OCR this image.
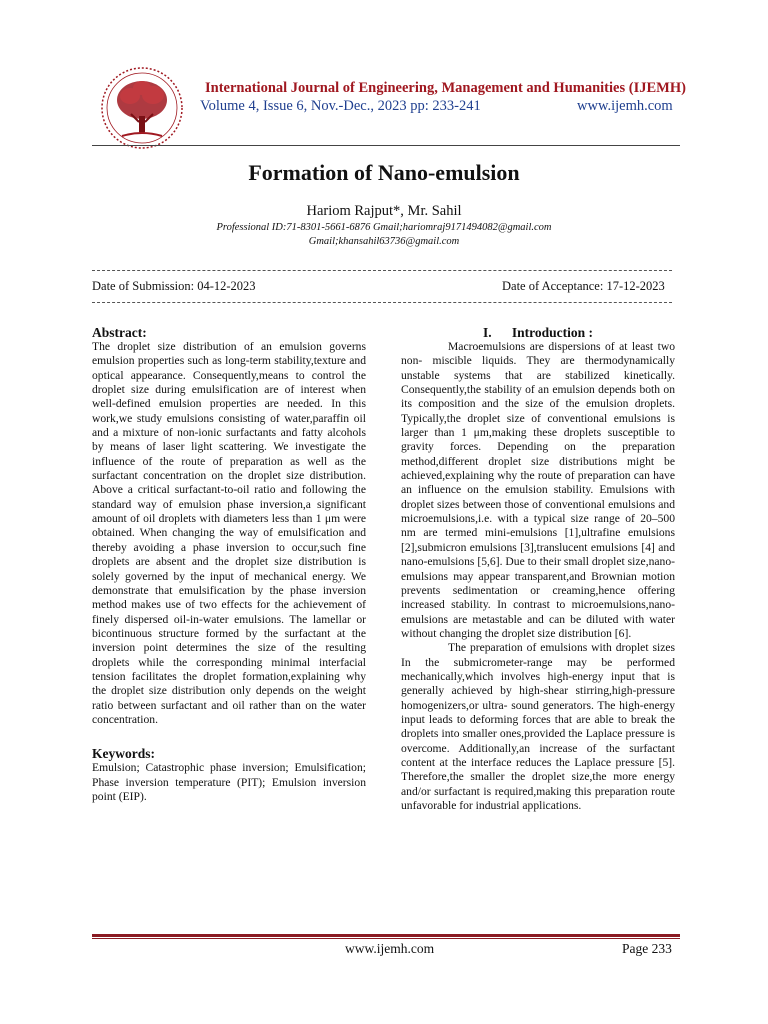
International Journal of Engineering, Management and Humanities (IJEMH)
Volume 4, Issue 6, Nov.-Dec., 2023 pp: 233-241	www.ijemh.com
Formation of Nano-emulsion
Hariom Rajput*, Mr. Sahil
Professional ID:71-8301-5661-6876 Gmail;hariomraj9171494082@gmail.com
Gmail;khansahil63736@gmail.com
Date of Submission: 04-12-2023	Date of Acceptance: 17-12-2023
Abstract:

The droplet size distribution of an emulsion governs emulsion properties such as long-term stability,texture and optical appearance. Consequently,means to control the droplet size during emulsification are of interest when well-defined emulsion properties are needed. In this work,we study emulsions consisting of water,paraffin oil and a mixture of non-ionic surfactants and fatty alcohols by means of laser light scattering. We investigate the influence of the route of preparation as well as the surfactant concentration on the droplet size distribution. Above a critical surfactant-to-oil ratio and following the standard way of emulsion phase inversion,a significant amount of oil droplets with diameters less than 1 μm were obtained. When changing the way of emulsification and thereby avoiding a phase inversion to occur,such fine droplets are absent and the droplet size distribution is solely governed by the input of mechanical energy. We demonstrate that emulsification by the phase inversion method makes use of two effects for the achievement of finely dispersed oil-in-water emulsions. The lamellar or bicontinuous structure formed by the surfactant at the inversion point determines the size of the resulting droplets while the corresponding minimal interfacial tension facilitates the droplet formation,explaining why the droplet size distribution only depends on the weight ratio between surfactant and oil rather than on the water concentration.

Keywords:

Emulsion; Catastrophic phase inversion; Emulsification; Phase inversion temperature (PIT); Emulsion inversion point (EIP).

I.      Introduction :

Macroemulsions are dispersions of at least two non- miscible liquids. They are thermodynamically unstable systems that are stabilized kinetically. Consequently,the stability of an emulsion depends both on its composition and the size of the emulsion droplets. Typically,the droplet size of conventional emulsions is larger than 1 μm,making these droplets susceptible to gravity forces. Depending on the preparation method,different droplet size distributions might be achieved,explaining why the route of preparation can have an influence on the emulsion stability. Emulsions with droplet sizes between those of conventional emulsions and microemulsions,i.e. with a typical size range of 20–500 nm are termed mini-emulsions [1],ultrafine emulsions [2],submicron emulsions [3],translucent emulsions [4] and nano-emulsions [5,6]. Due to their small droplet size,nano-emulsions may appear transparent,and Brownian motion prevents sedimentation or creaming,hence offering increased stability. In contrast to microemulsions,nano-emulsions are metastable and can be diluted with water without changing the droplet size distribution [6].

The preparation of emulsions with droplet sizes In the submicrometer-range may be performed mechanically,which involves high-energy input that is generally achieved by high-shear stirring,high-pressure homogenizers,or ultra- sound generators. The high-energy input leads to deforming forces that are able to break the droplets into smaller ones,provided the Laplace pressure is overcome. Additionally,an increase of the surfactant content at the interface reduces the Laplace pressure [5]. Therefore,the smaller the droplet size,the more energy and/or surfactant is required,making this preparation route unfavorable for industrial applications.

www.ijemh.com	Page 233
